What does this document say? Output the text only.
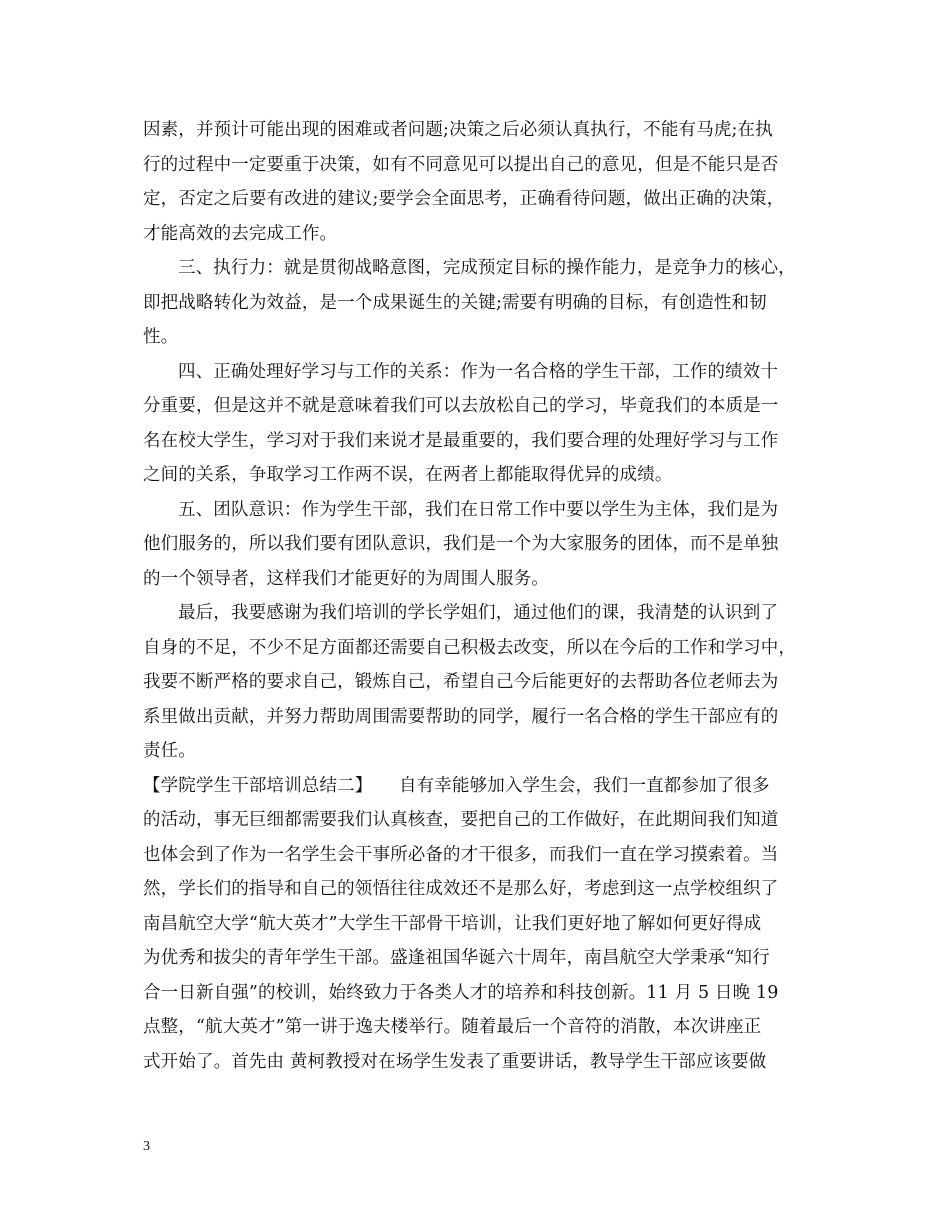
因素，并预计可能出现的困难或者问题;决策之后必须认真执行，不能有马虎;在执
行的过程中一定要重于决策，如有不同意见可以提出自己的意见，但是不能只是否
定，否定之后要有改进的建议;要学会全面思考，正确看待问题，做出正确的决策，
才能高效的去完成工作。
三、执行力：就是贯彻战略意图，完成预定目标的操作能力，是竞争力的核心，
即把战略转化为效益，是一个成果诞生的关键;需要有明确的目标，有创造性和韧
性。
四、正确处理好学习与工作的关系：作为一名合格的学生干部，工作的绩效十
分重要，但是这并不就是意味着我们可以去放松自己的学习，毕竟我们的本质是一
名在校大学生，学习对于我们来说才是最重要的，我们要合理的处理好学习与工作
之间的关系，争取学习工作两不误，在两者上都能取得优异的成绩。
五、团队意识：作为学生干部，我们在日常工作中要以学生为主体，我们是为
他们服务的，所以我们要有团队意识，我们是一个为大家服务的团体，而不是单独
的一个领导者，这样我们才能更好的为周围人服务。
最后，我要感谢为我们培训的学长学姐们，通过他们的课，我清楚的认识到了
自身的不足，不少不足方面都还需要自己积极去改变，所以在今后的工作和学习中，
我要不断严格的要求自己，锻炼自己，希望自己今后能更好的去帮助各位老师去为
系里做出贡献，并努力帮助周围需要帮助的同学，履行一名合格的学生干部应有的
责任。
【学院学生干部培训总结二】　　自有幸能够加入学生会，我们一直都参加了很多
的活动，事无巨细都需要我们认真核查，要把自己的工作做好，在此期间我们知道
也体会到了作为一名学生会干事所必备的才干很多，而我们一直在学习摸索着。当
然，学长们的指导和自己的领悟往往成效还不是那么好，考虑到这一点学校组织了
南昌航空大学“航大英才”大学生干部骨干培训，让我们更好地了解如何更好得成
为优秀和拔尖的青年学生干部。盛逢祖国华诞六十周年，南昌航空大学秉承“知行
合一日新自强”的校训，始终致力于各类人才的培养和科技创新。11 月 5 日晚 19
点整，“航大英才”第一讲于逸夫楼举行。随着最后一个音符的消散，本次讲座正
式开始了。首先由 黄柯教授对在场学生发表了重要讲话，教导学生干部应该要做
3
